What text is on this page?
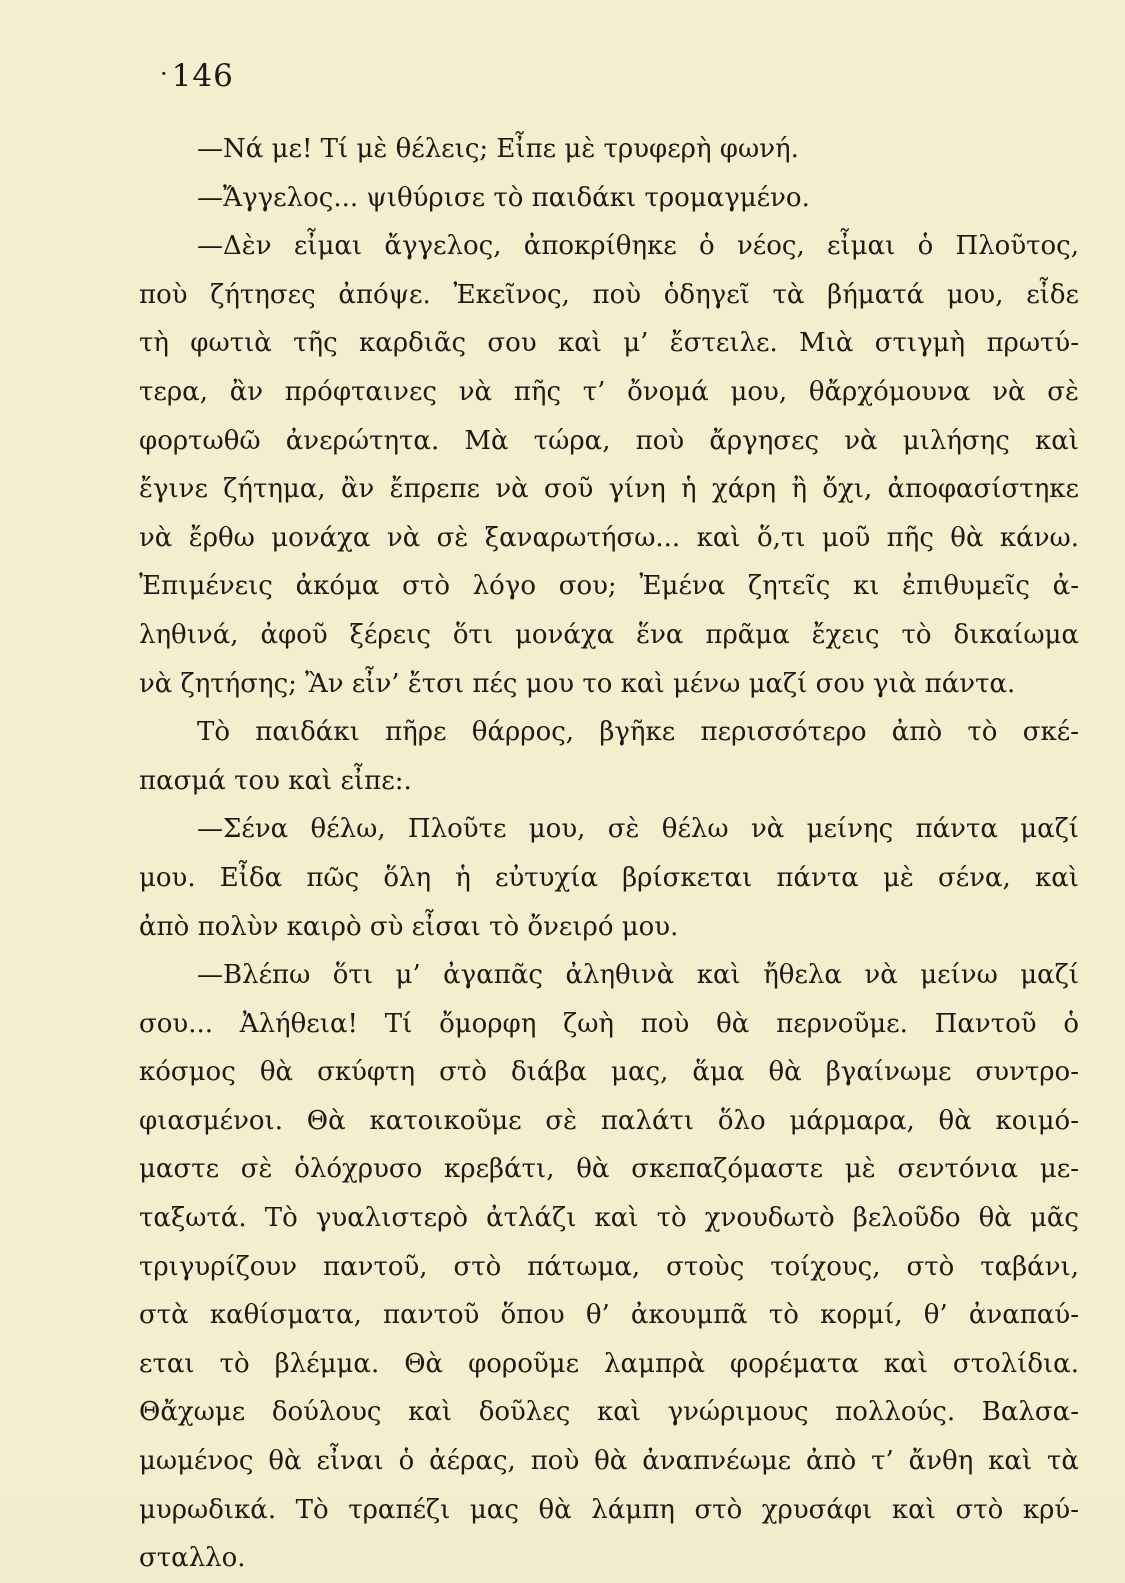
·146
—Νά με! Τί μὲ θέλεις; Εἶπε μὲ τρυφερὴ φωνή.
—Ἄγγελος... ψιθύρισε τὸ παιδάκι τρομαγμένο.
—Δὲν εἶμαι ἄγγελος, ἀποκρίθηκε ὁ νέος, εἶμαι ὁ Πλοῦτος,
ποὺ ζήτησες ἀπόψε. Ἐκεῖνος, ποὺ ὁδηγεῖ τὰ βήματά μου, εἶδε
τὴ φωτιὰ τῆς καρδιᾶς σου καὶ μ’ ἔστειλε. Μιὰ στιγμὴ πρωτύ-
τερα, ἂν πρόφταινες νὰ πῆς τ’ ὄνομά μου, θἄρχόμουνα νὰ σὲ
φορτωθῶ ἀνερώτητα. Μὰ τώρα, ποὺ ἄργησες νὰ μιλήσης καὶ
ἔγινε ζήτημα, ἂν ἔπρεπε νὰ σοῦ γίνη ἡ χάρη ἢ ὄχι, ἀποφασίστηκε
νὰ ἔρθω μονάχα νὰ σὲ ξαναρωτήσω... καὶ ὅ,τι μοῦ πῆς θὰ κάνω.
Ἐπιμένεις ἀκόμα στὸ λόγο σου; Ἐμένα ζητεῖς κι ἐπιθυμεῖς ἀ-
ληθινά, ἀφοῦ ξέρεις ὅτι μονάχα ἕνα πρᾶμα ἔχεις τὸ δικαίωμα
νὰ ζητήσης; Ἂν εἶν’ ἔτσι πές μου το καὶ μένω μαζί σου γιὰ πάντα.
Τὸ παιδάκι πῆρε θάρρος, βγῆκε περισσότερο ἀπὸ τὸ σκέ-
πασμά του καὶ εἶπε:.
—Σένα θέλω, Πλοῦτε μου, σὲ θέλω νὰ μείνης πάντα μαζί
μου. Εἶδα πῶς ὅλη ἡ εὐτυχία βρίσκεται πάντα μὲ σένα, καὶ
ἀπὸ πολὺν καιρὸ σὺ εἶσαι τὸ ὄνειρό μου.
—Βλέπω ὅτι μ’ ἀγαπᾶς ἀληθινὰ καὶ ἤθελα νὰ μείνω μαζί
σου... Ἀλήθεια! Τί ὄμορφη ζωὴ ποὺ θὰ περνοῦμε. Παντοῦ ὁ
κόσμος θὰ σκύφτη στὸ διάβα μας, ἅμα θὰ βγαίνωμε συντρο-
φιασμένοι. Θὰ κατοικοῦμε σὲ παλάτι ὅλο μάρμαρα, θὰ κοιμό-
μαστε σὲ ὁλόχρυσο κρεβάτι, θὰ σκεπαζόμαστε μὲ σεντόνια με-
ταξωτά. Τὸ γυαλιστερὸ ἀτλάζι καὶ τὸ χνουδωτὸ βελοῦδο θὰ μᾶς
τριγυρίζουν παντοῦ, στὸ πάτωμα, στοὺς τοίχους, στὸ ταβάνι,
στὰ καθίσματα, παντοῦ ὅπου θ’ ἀκουμπᾶ τὸ κορμί, θ’ ἀναπαύ-
εται τὸ βλέμμα. Θὰ φοροῦμε λαμπρὰ φορέματα καὶ στολίδια.
Θἄχωμε δούλους καὶ δοῦλες καὶ γνώριμους πολλούς. Βαλσα-
μωμένος θὰ εἶναι ὁ ἀέρας, ποὺ θὰ ἀναπνέωμε ἀπὸ τ’ ἄνθη καὶ τὰ
μυρωδικά. Τὸ τραπέζι μας θὰ λάμπη στὸ χρυσάφι καὶ στὸ κρύ-
σταλλο.
